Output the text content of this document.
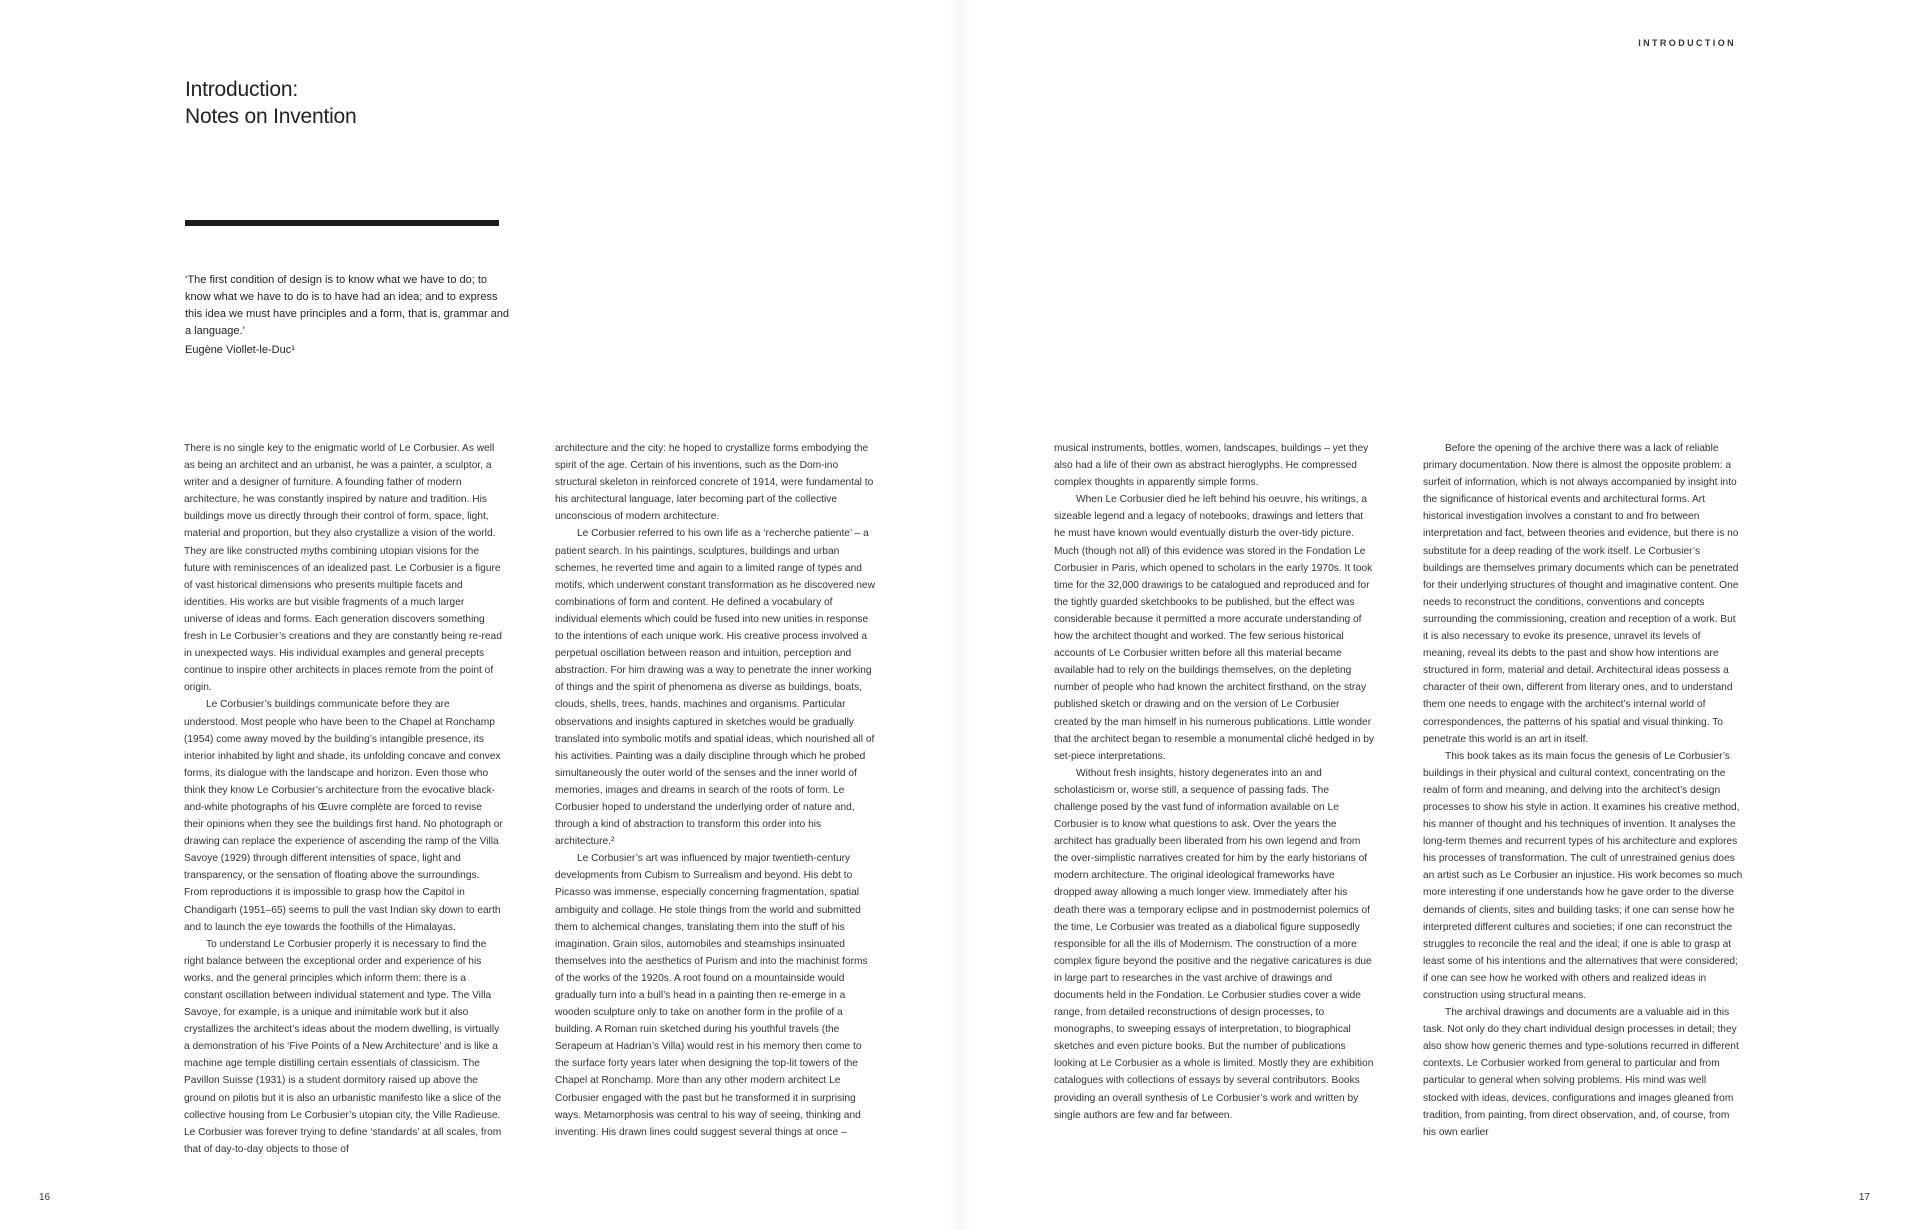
Introduction:
Notes on Invention

‘The first condition of design is to know what we have to do; to know what we have to do is to have had an idea; and to express this idea we must have principles and a form, that is, grammar and a language.’

Eugène Viollet-le-Duc¹

There is no single key to the enigmatic world of Le Corbusier. As well as being an architect and an urbanist, he was a painter, a sculptor, a writer and a designer of furniture. A founding father of modern architecture, he was constantly inspired by nature and tradition. His buildings move us directly through their control of form, space, light, material and proportion, but they also crystallize a vision of the world. They are like constructed myths combining utopian visions for the future with reminiscences of an idealized past. Le Corbusier is a figure of vast historical dimensions who presents multiple facets and identities. His works are but visible fragments of a much larger universe of ideas and forms. Each generation discovers something fresh in Le Corbusier’s creations and they are constantly being re-read in unexpected ways. His individual examples and general precepts continue to inspire other architects in places remote from the point of origin.

Le Corbusier’s buildings communicate before they are understood. Most people who have been to the Chapel at Ronchamp (1954) come away moved by the building’s intangible presence, its interior inhabited by light and shade, its unfolding concave and convex forms, its dialogue with the landscape and horizon. Even those who think they know Le Corbusier’s architecture from the evocative black-and-white photographs of his Œuvre complète are forced to revise their opinions when they see the buildings first hand. No photograph or drawing can replace the experience of ascending the ramp of the Villa Savoye (1929) through different intensities of space, light and transparency, or the sensation of floating above the surroundings. From reproductions it is impossible to grasp how the Capitol in Chandigarh (1951–65) seems to pull the vast Indian sky down to earth and to launch the eye towards the foothills of the Himalayas.

To understand Le Corbusier properly it is necessary to find the right balance between the exceptional order and experience of his works, and the general principles which inform them: there is a constant oscillation between individual statement and type. The Villa Savoye, for example, is a unique and inimitable work but it also crystallizes the architect’s ideas about the modern dwelling, is virtually a demonstration of his ‘Five Points of a New Architecture’ and is like a machine age temple distilling certain essentials of classicism. The Pavillon Suisse (1931) is a student dormitory raised up above the ground on pilotis but it is also an urbanistic manifesto like a slice of the collective housing from Le Corbusier’s utopian city, the Ville Radieuse. Le Corbusier was forever trying to define ‘standards’ at all scales, from that of day-to-day objects to those of

architecture and the city: he hoped to crystallize forms embodying the spirit of the age. Certain of his inventions, such as the Dom-ino structural skeleton in reinforced concrete of 1914, were fundamental to his architectural language, later becoming part of the collective unconscious of modern architecture.

Le Corbusier referred to his own life as a ‘recherche patiente’ – a patient search. In his paintings, sculptures, buildings and urban schemes, he reverted time and again to a limited range of types and motifs, which underwent constant transformation as he discovered new combinations of form and content. He defined a vocabulary of individual elements which could be fused into new unities in response to the intentions of each unique work. His creative process involved a perpetual oscillation between reason and intuition, perception and abstraction. For him drawing was a way to penetrate the inner working of things and the spirit of phenomena as diverse as buildings, boats, clouds, shells, trees, hands, machines and organisms. Particular observations and insights captured in sketches would be gradually translated into symbolic motifs and spatial ideas, which nourished all of his activities. Painting was a daily discipline through which he probed simultaneously the outer world of the senses and the inner world of memories, images and dreams in search of the roots of form. Le Corbusier hoped to understand the underlying order of nature and, through a kind of abstraction to transform this order into his architecture.²

Le Corbusier’s art was influenced by major twentieth-century developments from Cubism to Surrealism and beyond. His debt to Picasso was immense, especially concerning fragmentation, spatial ambiguity and collage. He stole things from the world and submitted them to alchemical changes, translating them into the stuff of his imagination. Grain silos, automobiles and steamships insinuated themselves into the aesthetics of Purism and into the machinist forms of the works of the 1920s. A root found on a mountainside would gradually turn into a bull’s head in a painting then re-emerge in a wooden sculpture only to take on another form in the profile of a building. A Roman ruin sketched during his youthful travels (the Serapeum at Hadrian’s Villa) would rest in his memory then come to the surface forty years later when designing the top-lit towers of the Chapel at Ronchamp. More than any other modern architect Le Corbusier engaged with the past but he transformed it in surprising ways. Metamorphosis was central to his way of seeing, thinking and inventing. His drawn lines could suggest several things at once –

16
INTRODUCTION

musical instruments, bottles, women, landscapes, buildings – yet they also had a life of their own as abstract hieroglyphs. He compressed complex thoughts in apparently simple forms.

When Le Corbusier died he left behind his oeuvre, his writings, a sizeable legend and a legacy of notebooks, drawings and letters that he must have known would eventually disturb the over-tidy picture. Much (though not all) of this evidence was stored in the Fondation Le Corbusier in Paris, which opened to scholars in the early 1970s. It took time for the 32,000 drawings to be catalogued and reproduced and for the tightly guarded sketchbooks to be published, but the effect was considerable because it permitted a more accurate understanding of how the architect thought and worked. The few serious historical accounts of Le Corbusier written before all this material became available had to rely on the buildings themselves, on the depleting number of people who had known the architect firsthand, on the stray published sketch or drawing and on the version of Le Corbusier created by the man himself in his numerous publications. Little wonder that the architect began to resemble a monumental cliché hedged in by set-piece interpretations.

Without fresh insights, history degenerates into an and scholasticism or, worse still, a sequence of passing fads. The challenge posed by the vast fund of information available on Le Corbusier is to know what questions to ask. Over the years the architect has gradually been liberated from his own legend and from the over-simplistic narratives created for him by the early historians of modern architecture. The original ideological frameworks have dropped away allowing a much longer view. Immediately after his death there was a temporary eclipse and in postmodernist polemics of the time, Le Corbusier was treated as a diabolical figure supposedly responsible for all the ills of Modernism. The construction of a more complex figure beyond the positive and the negative caricatures is due in large part to researches in the vast archive of drawings and documents held in the Fondation. Le Corbusier studies cover a wide range, from detailed reconstructions of design processes, to monographs, to sweeping essays of interpretation, to biographical sketches and even picture books. But the number of publications looking at Le Corbusier as a whole is limited. Mostly they are exhibition catalogues with collections of essays by several contributors. Books providing an overall synthesis of Le Corbusier’s work and written by single authors are few and far between.

Before the opening of the archive there was a lack of reliable primary documentation. Now there is almost the opposite problem: a surfeit of information, which is not always accompanied by insight into the significance of historical events and architectural forms. Art historical investigation involves a constant to and fro between interpretation and fact, between theories and evidence, but there is no substitute for a deep reading of the work itself. Le Corbusier’s buildings are themselves primary documents which can be penetrated for their underlying structures of thought and imaginative content. One needs to reconstruct the conditions, conventions and concepts surrounding the commissioning, creation and reception of a work. But it is also necessary to evoke its presence, unravel its levels of meaning, reveal its debts to the past and show how intentions are structured in form, material and detail. Architectural ideas possess a character of their own, different from literary ones, and to understand them one needs to engage with the architect’s internal world of correspondences, the patterns of his spatial and visual thinking. To penetrate this world is an art in itself.

This book takes as its main focus the genesis of Le Corbusier’s buildings in their physical and cultural context, concentrating on the realm of form and meaning, and delving into the architect’s design processes to show his style in action. It examines his creative method, his manner of thought and his techniques of invention. It analyses the long-term themes and recurrent types of his architecture and explores his processes of transformation. The cult of unrestrained genius does an artist such as Le Corbusier an injustice. His work becomes so much more interesting if one understands how he gave order to the diverse demands of clients, sites and building tasks; if one can sense how he interpreted different cultures and societies; if one can reconstruct the struggles to reconcile the real and the ideal; if one is able to grasp at least some of his intentions and the alternatives that were considered; if one can see how he worked with others and realized ideas in construction using structural means.

The archival drawings and documents are a valuable aid in this task. Not only do they chart individual design processes in detail; they also show how generic themes and type-solutions recurred in different contexts. Le Corbusier worked from general to particular and from particular to general when solving problems. His mind was well stocked with ideas, devices, configurations and images gleaned from tradition, from painting, from direct observation, and, of course, from his own earlier

17
